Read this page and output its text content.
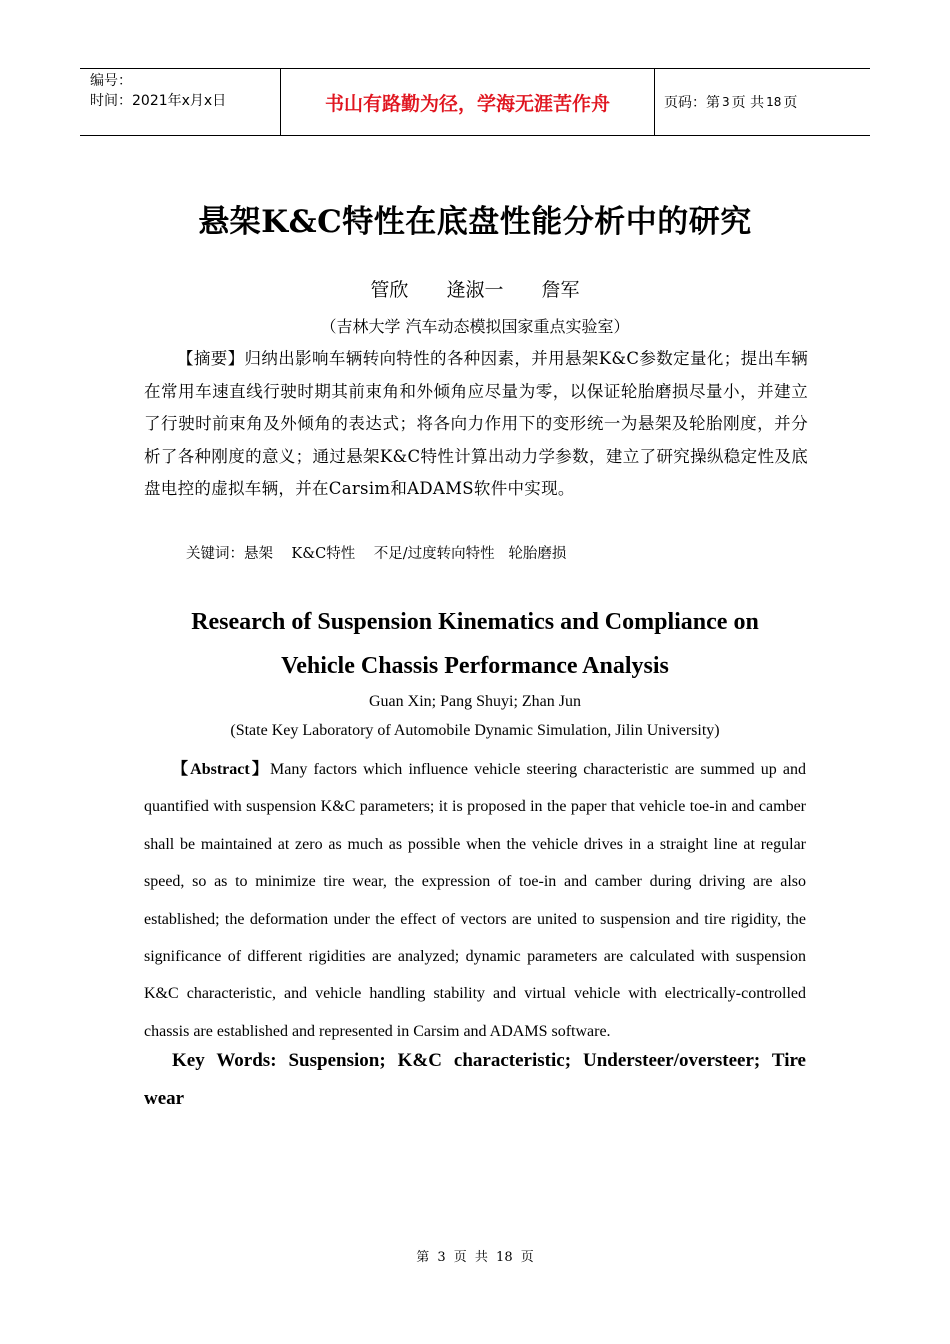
编号：
时间：2021年x月x日	书山有路勤为径，学海无涯苦作舟	页码：第 3 页 共 18 页
悬架K&C特性在底盘性能分析中的研究
管欣 逄淑一 詹军
（吉林大学 汽车动态模拟国家重点实验室）
【摘要】归纳出影响车辆转向特性的各种因素，并用悬架K&C参数定量化；提出车辆在常用车速直线行驶时期其前束角和外倾角应尽量为零，以保证轮胎磨损尽量小，并建立了行驶时前束角及外倾角的表达式；将各向力作用下的变形统一为悬架及轮胎刚度，并分析了各种刚度的意义；通过悬架K&C特性计算出动力学参数，建立了研究操纵稳定性及底盘电控的虚拟车辆，并在Carsim和ADAMS软件中实现。
关键词：悬架    K&C特性    不足/过度转向特性   轮胎磨损
Research of Suspension Kinematics and Compliance on
Vehicle Chassis Performance Analysis
Guan Xin; Pang Shuyi; Zhan Jun
(State Key Laboratory of Automobile Dynamic Simulation, Jilin University)
【Abstract】Many factors which influence vehicle steering characteristic are summed up and quantified with suspension K&C parameters; it is proposed in the paper that vehicle toe-in and camber shall be maintained at zero as much as possible when the vehicle drives in a straight line at regular speed, so as to minimize tire wear, the expression of toe-in and camber during driving are also established; the deformation under the effect of vectors are united to suspension and tire rigidity, the significance of different rigidities are analyzed; dynamic parameters are calculated with suspension K&C characteristic, and vehicle handling stability and virtual vehicle with electrically-controlled chassis are established and represented in Carsim and ADAMS software.
Key Words: Suspension; K&C characteristic; Understeer/oversteer; Tire wear
第 3 页 共 18 页
